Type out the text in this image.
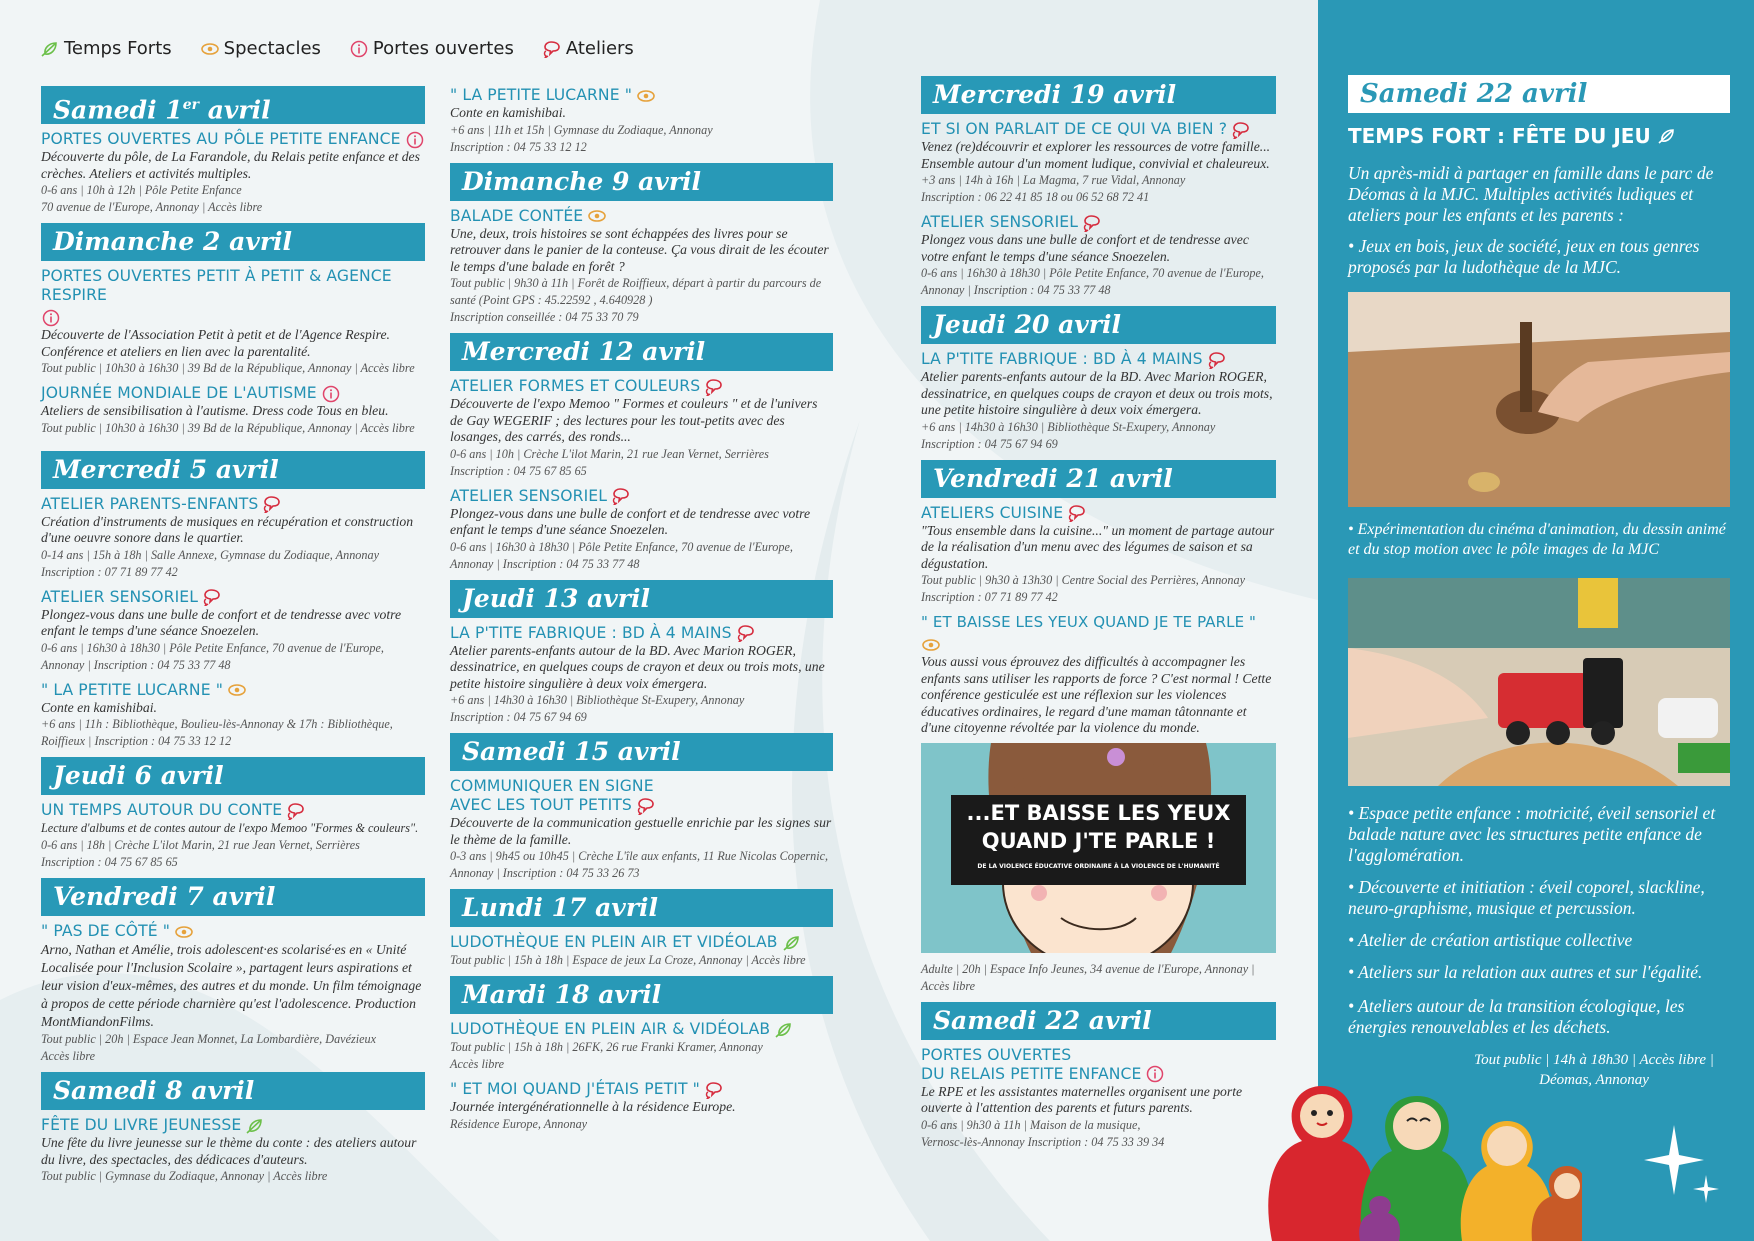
Temps Forts	Spectacles	Portes ouvertes	Ateliers
Samedi 1er avril
PORTES OUVERTES AU PÔLE PETITE ENFANCE
Découverte du pôle, de La Farandole, du Relais petite enfance et des crèches. Ateliers et activités multiples.
0-6 ans | 10h à 12h | Pôle Petite Enfance
70 avenue de l'Europe, Annonay | Accès libre
Dimanche 2 avril
PORTES OUVERTES PETIT À PETIT & AGENCE RESPIRE
Découverte de l'Association Petit à petit et de l'Agence Respire. Conférence et ateliers en lien avec la parentalité.
Tout public | 10h30 à 16h30 | 39 Bd de la République, Annonay | Accès libre
JOURNÉE MONDIALE DE L'AUTISME
Ateliers de sensibilisation à l'autisme. Dress code Tous en bleu.
Tout public | 10h30 à 16h30 | 39 Bd de la République, Annonay | Accès libre
Mercredi 5 avril
ATELIER PARENTS-ENFANTS
Création d'instruments de musiques en récupération et construction d'une oeuvre sonore dans le quartier.
0-14 ans | 15h à 18h | Salle Annexe, Gymnase du Zodiaque, Annonay
Inscription : 07 71 89 77 42
ATELIER SENSORIEL
Plongez-vous dans une bulle de confort et de tendresse avec votre enfant le temps d'une séance Snoezelen.
0-6 ans | 16h30 à 18h30 | Pôle Petite Enfance, 70 avenue de l'Europe, Annonay | Inscription : 04 75 33 77 48
" LA PETITE LUCARNE "
Conte en kamishibai.
+6 ans | 11h : Bibliothèque, Boulieu-lès-Annonay & 17h : Bibliothèque, Roiffieux | Inscription : 04 75 33 12 12
Jeudi 6 avril
UN TEMPS AUTOUR DU CONTE
Lecture d'albums et de contes autour de l'expo Memoo "Formes & couleurs".
0-6 ans | 18h | Crèche L'ilot Marin, 21 rue Jean Vernet, Serrières
Inscription : 04 75 67 85 65
Vendredi 7 avril
" PAS DE CÔTÉ "
Arno, Nathan et Amélie, trois adolescent·es scolarisé·es en « Unité Localisée pour l'Inclusion Scolaire », partagent leurs aspirations et leur vision d'eux-mêmes, des autres et du monde. Un film témoignage à propos de cette période charnière qu'est l'adolescence. Production MontMiandonFilms.
Tout public | 20h | Espace Jean Monnet, La Lombardière, Davézieux
Accès libre
Samedi 8 avril
FÊTE DU LIVRE JEUNESSE
Une fête du livre jeunesse sur le thème du conte : des ateliers autour du livre, des spectacles, des dédicaces d'auteurs.
Tout public | Gymnase du Zodiaque, Annonay | Accès libre
" LA PETITE LUCARNE "
Conte en kamishibai.
+6 ans | 11h et 15h | Gymnase du Zodiaque, Annonay
Inscription : 04 75 33 12 12
Dimanche 9 avril
BALADE CONTÉE
Une, deux, trois histoires se sont échappées des livres pour se retrouver dans le panier de la conteuse. Ça vous dirait de les écouter le temps d'une balade en forêt ?
Tout public | 9h30 à 11h | Forêt de Roiffieux, départ à partir du parcours de santé (Point GPS : 45.22592 , 4.640928 )
Inscription conseillée : 04 75 33 70 79
Mercredi 12 avril
ATELIER FORMES ET COULEURS
Découverte de l'expo Memoo " Formes et couleurs " et de l'univers de Gay WEGERIF ; des lectures pour les tout-petits avec des losanges, des carrés, des ronds...
0-6 ans | 10h | Crèche L'ilot Marin, 21 rue Jean Vernet, Serrières
Inscription : 04 75 67 85 65
ATELIER SENSORIEL
Plongez-vous dans une bulle de confort et de tendresse avec votre enfant le temps d'une séance Snoezelen.
0-6 ans | 16h30 à 18h30 | Pôle Petite Enfance, 70 avenue de l'Europe, Annonay | Inscription : 04 75 33 77 48
Jeudi 13 avril
LA P'TITE FABRIQUE : BD À 4 MAINS
Atelier parents-enfants autour de la BD. Avec Marion ROGER, dessinatrice, en quelques coups de crayon et deux ou trois mots, une petite histoire singulière à deux voix émergera.
+6 ans | 14h30 à 16h30 | Bibliothèque St-Exupery, Annonay
Inscription : 04 75 67 94 69
Samedi 15 avril
COMMUNIQUER EN SIGNE
AVEC LES TOUT PETITS
Découverte de la communication gestuelle enrichie par les signes sur le thème de la famille.
0-3 ans | 9h45 ou 10h45 | Crèche L'île aux enfants, 11 Rue Nicolas Copernic, Annonay | Inscription : 04 75 33 26 73
Lundi 17 avril
LUDOTHÈQUE EN PLEIN AIR ET VIDÉOLAB
Tout public | 15h à 18h | Espace de jeux La Croze, Annonay | Accès libre
Mardi 18 avril
LUDOTHÈQUE EN PLEIN AIR & VIDÉOLAB
Tout public | 15h à 18h | 26FK, 26 rue Franki Kramer, Annonay
Accès libre
" ET MOI QUAND J'ÉTAIS PETIT "
Journée intergénérationnelle à la résidence Europe.
Résidence Europe, Annonay
Mercredi 19 avril
ET SI ON PARLAIT DE CE QUI VA BIEN ?
Venez (re)découvrir et explorer les ressources de votre famille... Ensemble autour d'un moment ludique, convivial et chaleureux.
+3 ans | 14h à 16h | La Magma, 7 rue Vidal, Annonay
Inscription : 06 22 41 85 18 ou 06 52 68 72 41
ATELIER SENSORIEL
Plongez vous dans une bulle de confort et de tendresse avec votre enfant le temps d'une séance Snoezelen.
0-6 ans | 16h30 à 18h30 | Pôle Petite Enfance, 70 avenue de l'Europe, Annonay | Inscription : 04 75 33 77 48
Jeudi 20 avril
LA P'TITE FABRIQUE : BD À 4 MAINS
Atelier parents-enfants autour de la BD. Avec Marion ROGER, dessinatrice, en quelques coups de crayon et deux ou trois mots, une petite histoire singulière à deux voix émergera.
+6 ans | 14h30 à 16h30 | Bibliothèque St-Exupery, Annonay
Inscription : 04 75 67 94 69
Vendredi 21 avril
ATELIERS CUISINE
"Tous ensemble dans la cuisine..." un moment de partage autour de la réalisation d'un menu avec des légumes de saison et sa dégustation.
Tout public | 9h30 à 13h30 | Centre Social des Perrières, Annonay
Inscription : 07 71 89 77 42
" ET BAISSE LES YEUX QUAND JE TE PARLE "
Vous aussi vous éprouvez des difficultés à accompagner les enfants sans utiliser les rapports de force ? C'est normal ! Cette conférence gesticulée est une réflexion sur les violences éducatives ordinaires, le regard d'une maman tâtonnante et d'une citoyenne révoltée par la violence du monde.
...ET BAISSE LES YEUX
QUAND J'TE PARLE !
DE LA VIOLENCE ÉDUCATIVE ORDINAIRE À LA VIOLENCE DE L'HUMANITÉ
Adulte | 20h | Espace Info Jeunes, 34 avenue de l'Europe, Annonay | Accès libre
Samedi 22 avril
PORTES OUVERTES
DU RELAIS PETITE ENFANCE
Le RPE et les assistantes maternelles organisent une porte ouverte à l'attention des parents et futurs parents.
0-6 ans | 9h30 à 11h | Maison de la musique,
Vernosc-lès-Annonay Inscription : 04 75 33 39 34
Samedi 22 avril
TEMPS FORT : FÊTE DU JEU
Un après-midi à partager en famille dans le parc de Déomas à la MJC. Multiples activités ludiques et ateliers pour les enfants et les parents :
• Jeux en bois, jeux de société, jeux en tous genres proposés par la ludothèque de la MJC.
• Expérimentation du cinéma d'animation, du dessin animé et du stop motion avec le pôle images de la MJC
• Espace petite enfance : motricité, éveil sensoriel et balade nature avec les structures petite enfance de l'agglomération.
• Découverte et initiation : éveil coporel, slackline, neuro-graphisme, musique et percussion.
• Atelier de création artistique collective
• Ateliers sur la relation aux autres et sur l'égalité.
• Ateliers autour de la transition écologique, les énergies renouvelables et les déchets.
Tout public | 14h à 18h30 | Accès libre | Déomas, Annonay
